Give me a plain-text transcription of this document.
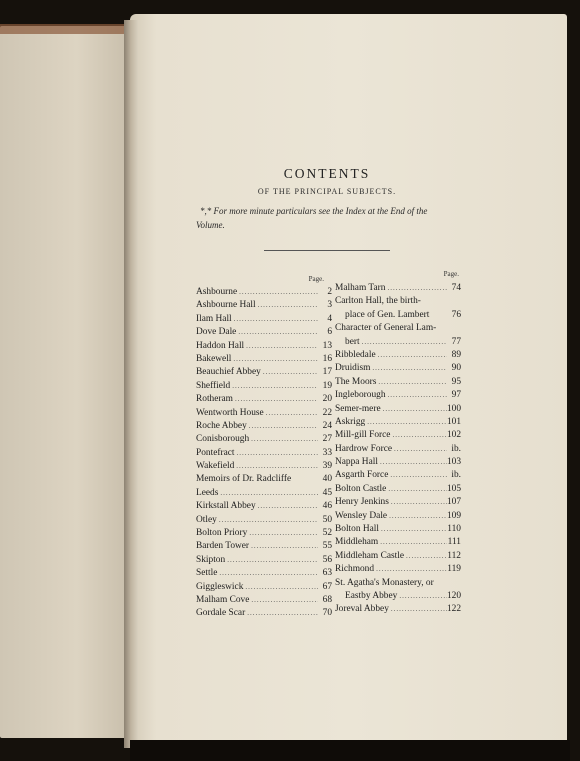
CONTENTS
OF THE PRINCIPAL SUBJECTS.
*,* For more minute particulars see the Index at the End of the Volume.
Page.
Ashbourne .....	2
Ashbourne Hall .....	3
Ilam Hall .....	4
Dove Dale .....	6
Haddon Hall .....	13
Bakewell .....	16
Beauchief Abbey .....	17
Sheffield .....	19
Rotheram .....	20
Wentworth House .....	22
Roche Abbey .....	24
Conisborough .....	27
Pontefract .....	33
Wakefield .....	39
Memoirs of Dr. Radcliffe	40
Leeds .....	45
Kirkstall Abbey .....	46
Otley .....	50
Bolton Priory .....	52
Barden Tower .....	55
Skipton .....	56
Settle .....	63
Giggleswick .....	67
Malham Cove .....	68
Gordale Scar .....	70
Page.
Malham Tarn .....	74
Carlton Hall, the birth-
place of Gen. Lambert	76
Character of General Lam-
bert .....	77
Ribbledale .....	89
Druidism .....	90
The Moors .....	95
Ingleborough .....	97
Semer-mere .....	100
Askrigg .....	101
Mill-gill Force .....	102
Hardrow Force .....	ib.
Nappa Hall .....	103
Asgarth Force .....	ib.
Bolton Castle .....	105
Henry Jenkins .....	107
Wensley Dale .....	109
Bolton Hall .....	110
Middleham .....	111
Middleham Castle .....	112
Richmond .....	119
St. Agatha's Monastery, or
Eastby Abbey .....	120
Joreval Abbey .....	122
